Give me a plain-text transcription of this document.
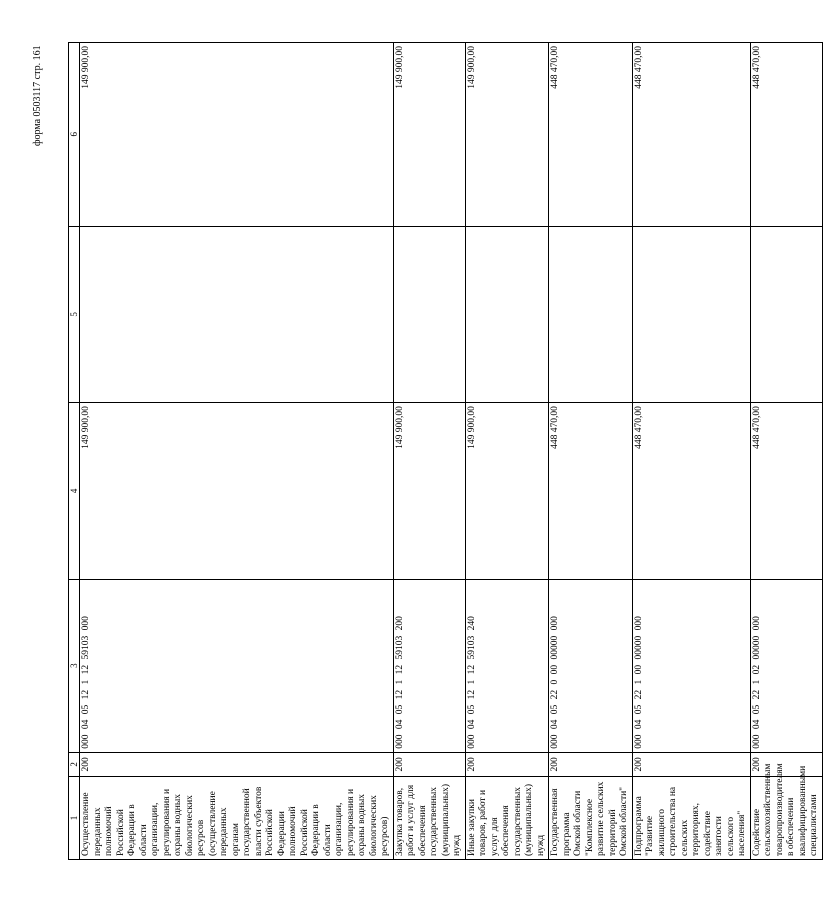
форма 0503117 стр. 161
1	2	3	4	5	6
Осуществление переданных полномочий Российской Федерации в области организации, регулирования и охраны водных биологических ресурсов (осуществление переданных органам государственной власти субъектов Российской Федерации полномочий Российской Федерации в области организации, регулирования и охраны водных биологических ресурсов)	200	000 04 05 12 1 12 59103 000	149 900,00		149 900,00
Закупка товаров, работ и услуг для обеспечения государственных (муниципальных) нужд	200	000 04 05 12 1 12 59103 200	149 900,00		149 900,00
Иные закупки товаров, работ и услуг для обеспечения государственных (муниципальных) нужд	200	000 04 05 12 1 12 59103 240	149 900,00		149 900,00
Государственная программа Омской области "Комплексное развитие сельских территорий Омской области"	200	000 04 05 22 0 00 00000 000	448 470,00		448 470,00
Подпрограмма "Развитие жилищного строительства на сельских территориях, содействие занятости сельского населения"	200	000 04 05 22 1 00 00000 000	448 470,00		448 470,00
Содействие сельскохозяйственным товаропроизводителям в обеспечении квалифицированными специалистами	200	000 04 05 22 1 02 00000 000	448 470,00		448 470,00
